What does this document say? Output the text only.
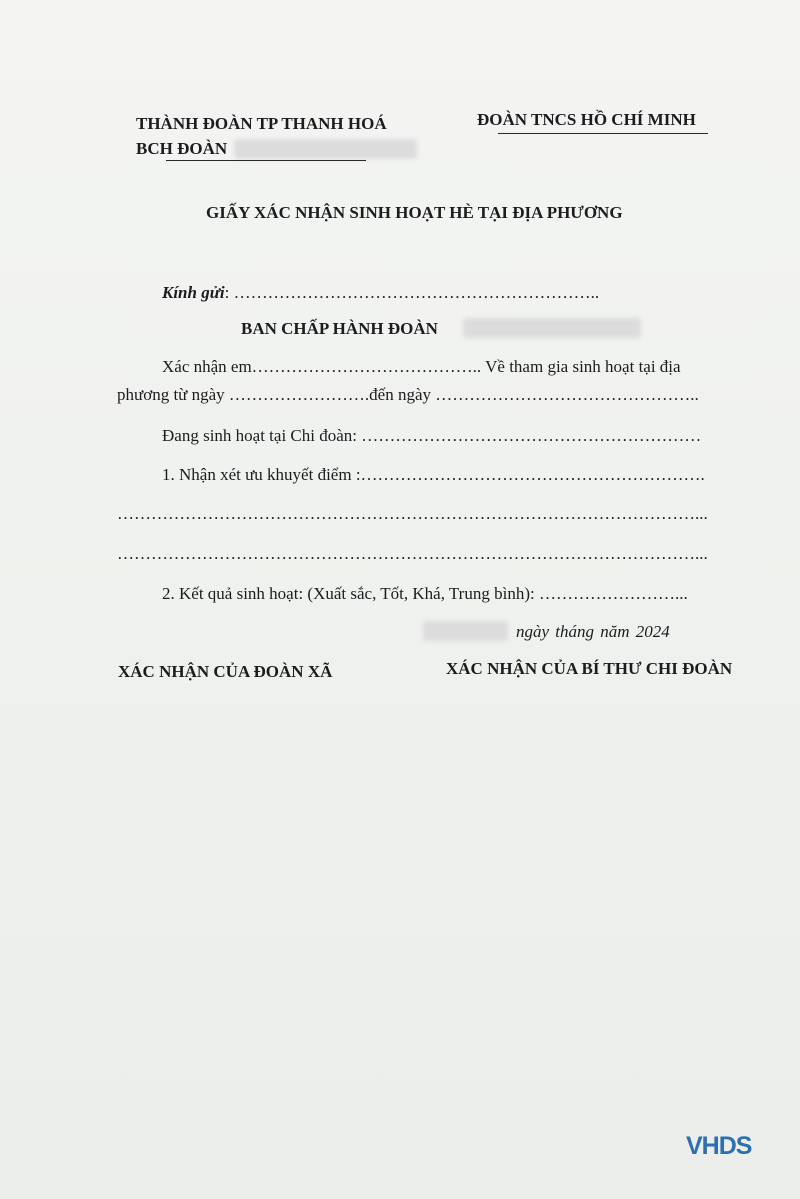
THÀNH ĐOÀN TP THANH HOÁ
BCH ĐOÀN
ĐOÀN TNCS HỒ CHÍ MINH
GIẤY XÁC NHẬN SINH HOẠT HÈ TẠI ĐỊA PHƯƠNG
Kính gửi: ………………………………………………………..
BAN CHẤP HÀNH ĐOÀN
Xác nhận em………………………………….. Về tham gia sinh hoạt tại địa
phương từ ngày …………………….đến ngày ………………………………………..
Đang sinh hoạt tại Chi đoàn: ……………………………………………………
1. Nhận xét ưu khuyết điểm :…………………………………………………….
…………………………………………………………………………………………...
…………………………………………………………………………………………...
2. Kết quả sinh hoạt: (Xuất sắc, Tốt, Khá, Trung bình): ……………………...
ngày tháng năm 2024
XÁC NHẬN CỦA ĐOÀN XÃ	XÁC NHẬN CỦA BÍ THƯ CHI ĐOÀN
VHDS
